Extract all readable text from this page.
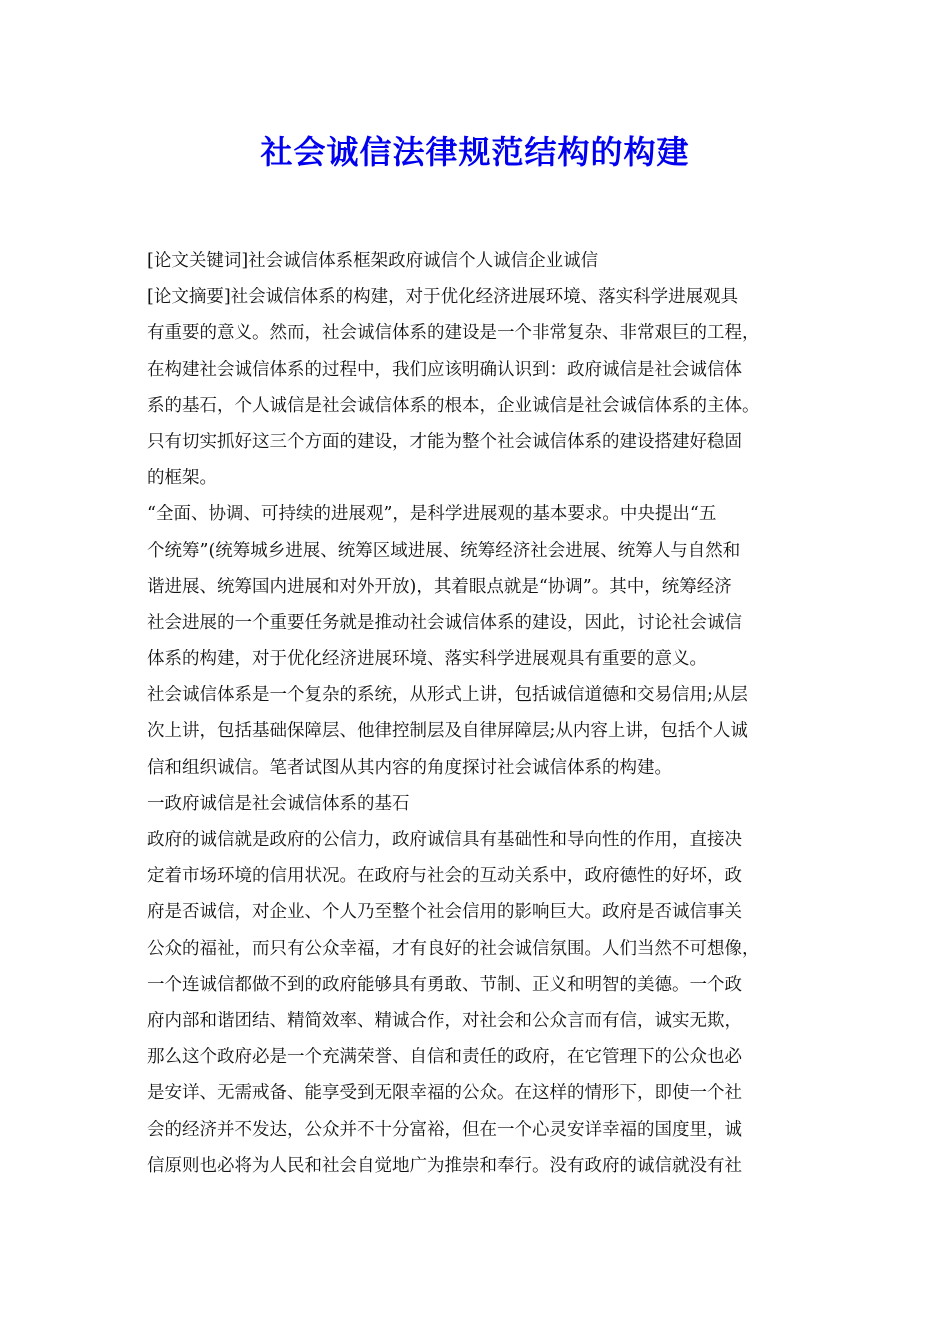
社会诚信法律规范结构的构建
[论文关键词]社会诚信体系框架政府诚信个人诚信企业诚信
[论文摘要]社会诚信体系的构建，对于优化经济进展环境、落实科学进展观具
有重要的意义。然而，社会诚信体系的建设是一个非常复杂、非常艰巨的工程，
在构建社会诚信体系的过程中，我们应该明确认识到：政府诚信是社会诚信体
系的基石，个人诚信是社会诚信体系的根本，企业诚信是社会诚信体系的主体。
只有切实抓好这三个方面的建设，才能为整个社会诚信体系的建设搭建好稳固
的框架。
“全面、协调、可持续的进展观”，是科学进展观的基本要求。中央提出“五
个统筹”(统筹城乡进展、统筹区域进展、统筹经济社会进展、统筹人与自然和
谐进展、统筹国内进展和对外开放)，其着眼点就是“协调”。其中，统筹经济
社会进展的一个重要任务就是推动社会诚信体系的建设，因此，讨论社会诚信
体系的构建，对于优化经济进展环境、落实科学进展观具有重要的意义。
社会诚信体系是一个复杂的系统，从形式上讲，包括诚信道德和交易信用;从层
次上讲，包括基础保障层、他律控制层及自律屏障层;从内容上讲，包括个人诚
信和组织诚信。笔者试图从其内容的角度探讨社会诚信体系的构建。
一政府诚信是社会诚信体系的基石
政府的诚信就是政府的公信力，政府诚信具有基础性和导向性的作用，直接决
定着市场环境的信用状况。在政府与社会的互动关系中，政府德性的好坏，政
府是否诚信，对企业、个人乃至整个社会信用的影响巨大。政府是否诚信事关
公众的福祉，而只有公众幸福，才有良好的社会诚信氛围。人们当然不可想像，
一个连诚信都做不到的政府能够具有勇敢、节制、正义和明智的美德。一个政
府内部和谐团结、精简效率、精诚合作，对社会和公众言而有信，诚实无欺，
那么这个政府必是一个充满荣誉、自信和责任的政府，在它管理下的公众也必
是安详、无需戒备、能享受到无限幸福的公众。在这样的情形下，即使一个社
会的经济并不发达，公众并不十分富裕，但在一个心灵安详幸福的国度里，诚
信原则也必将为人民和社会自觉地广为推崇和奉行。没有政府的诚信就没有社
